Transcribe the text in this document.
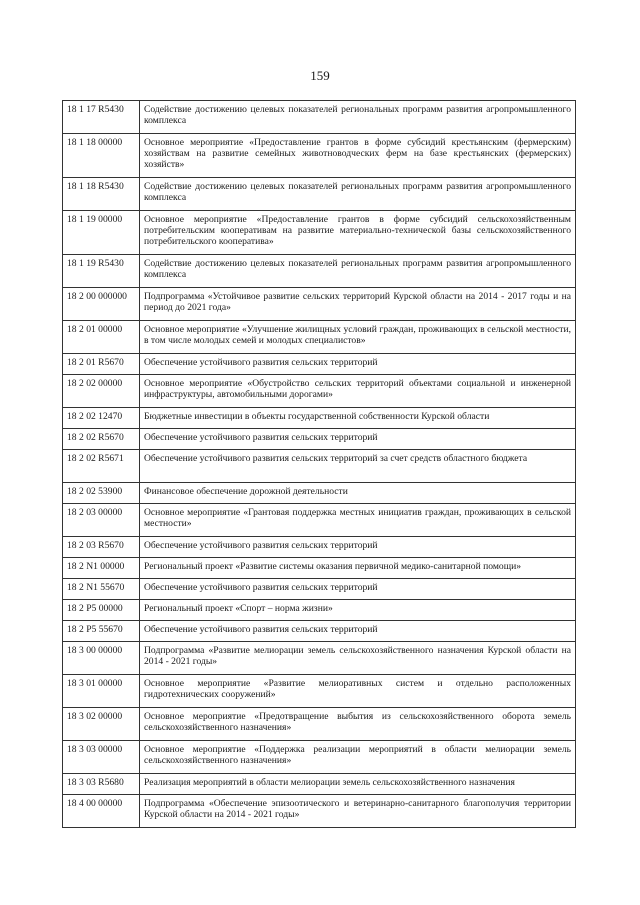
159
18 1 17 R5430	Содействие достижению целевых показателей региональных программ развития агропромышленного комплекса
18 1 18 00000	Основное мероприятие «Предоставление грантов в форме субсидий крестьянским (фермерским) хозяйствам на развитие семейных животноводческих ферм на базе крестьянских (фермерских) хозяйств»
18 1 18 R5430	Содействие достижению целевых показателей региональных программ развития агропромышленного комплекса
18 1 19 00000	Основное мероприятие «Предоставление грантов в форме субсидий сельскохозяйственным потребительским кооперативам на развитие материально-технической базы сельскохозяйственного потребительского кооператива»
18 1 19 R5430	Содействие достижению целевых показателей региональных программ развития агропромышленного комплекса
18 2 00 000000	Подпрограмма «Устойчивое развитие сельских территорий Курской области на 2014 - 2017 годы и на период до 2021 года»
18 2 01 00000	Основное мероприятие «Улучшение жилищных условий граждан, проживающих в сельской местности, в том числе молодых семей и молодых специалистов»
18 2 01 R5670	Обеспечение устойчивого развития сельских территорий
18 2 02 00000	Основное мероприятие «Обустройство сельских территорий объектами социальной и инженерной инфраструктуры, автомобильными дорогами»
18 2 02 12470	Бюджетные инвестиции в объекты государственной собственности Курской области
18 2 02 R5670	Обеспечение устойчивого развития сельских территорий
18 2 02 R5671	Обеспечение устойчивого развития сельских территорий за счет средств областного бюджета
18 2 02 53900	Финансовое обеспечение дорожной деятельности
18 2 03 00000	Основное мероприятие «Грантовая поддержка местных инициатив граждан, проживающих в сельской местности»
18 2 03 R5670	Обеспечение устойчивого развития сельских территорий
18 2 N1 00000	Региональный проект «Развитие системы оказания первичной медико-санитарной помощи»
18 2 N1 55670	Обеспечение устойчивого развития сельских территорий
18 2 P5 00000	Региональный проект «Спорт – норма жизни»
18 2 P5 55670	Обеспечение устойчивого развития сельских территорий
18 3 00 00000	Подпрограмма «Развитие мелиорации земель сельскохозяйственного назначения Курской области на 2014 - 2021 годы»
18 3 01 00000	Основное мероприятие «Развитие мелиоративных систем и отдельно расположенных гидротехнических сооружений»
18 3 02 00000	Основное мероприятие «Предотвращение выбытия из сельскохозяйственного оборота земель сельскохозяйственного назначения»
18 3 03 00000	Основное мероприятие «Поддержка реализации мероприятий в области мелиорации земель сельскохозяйственного назначения»
18 3 03 R5680	Реализация мероприятий в области мелиорации земель сельскохозяйственного назначения
18 4 00 00000	Подпрограмма «Обеспечение эпизоотического и ветеринарно-санитарного благополучия территории Курской области на 2014 - 2021 годы»
